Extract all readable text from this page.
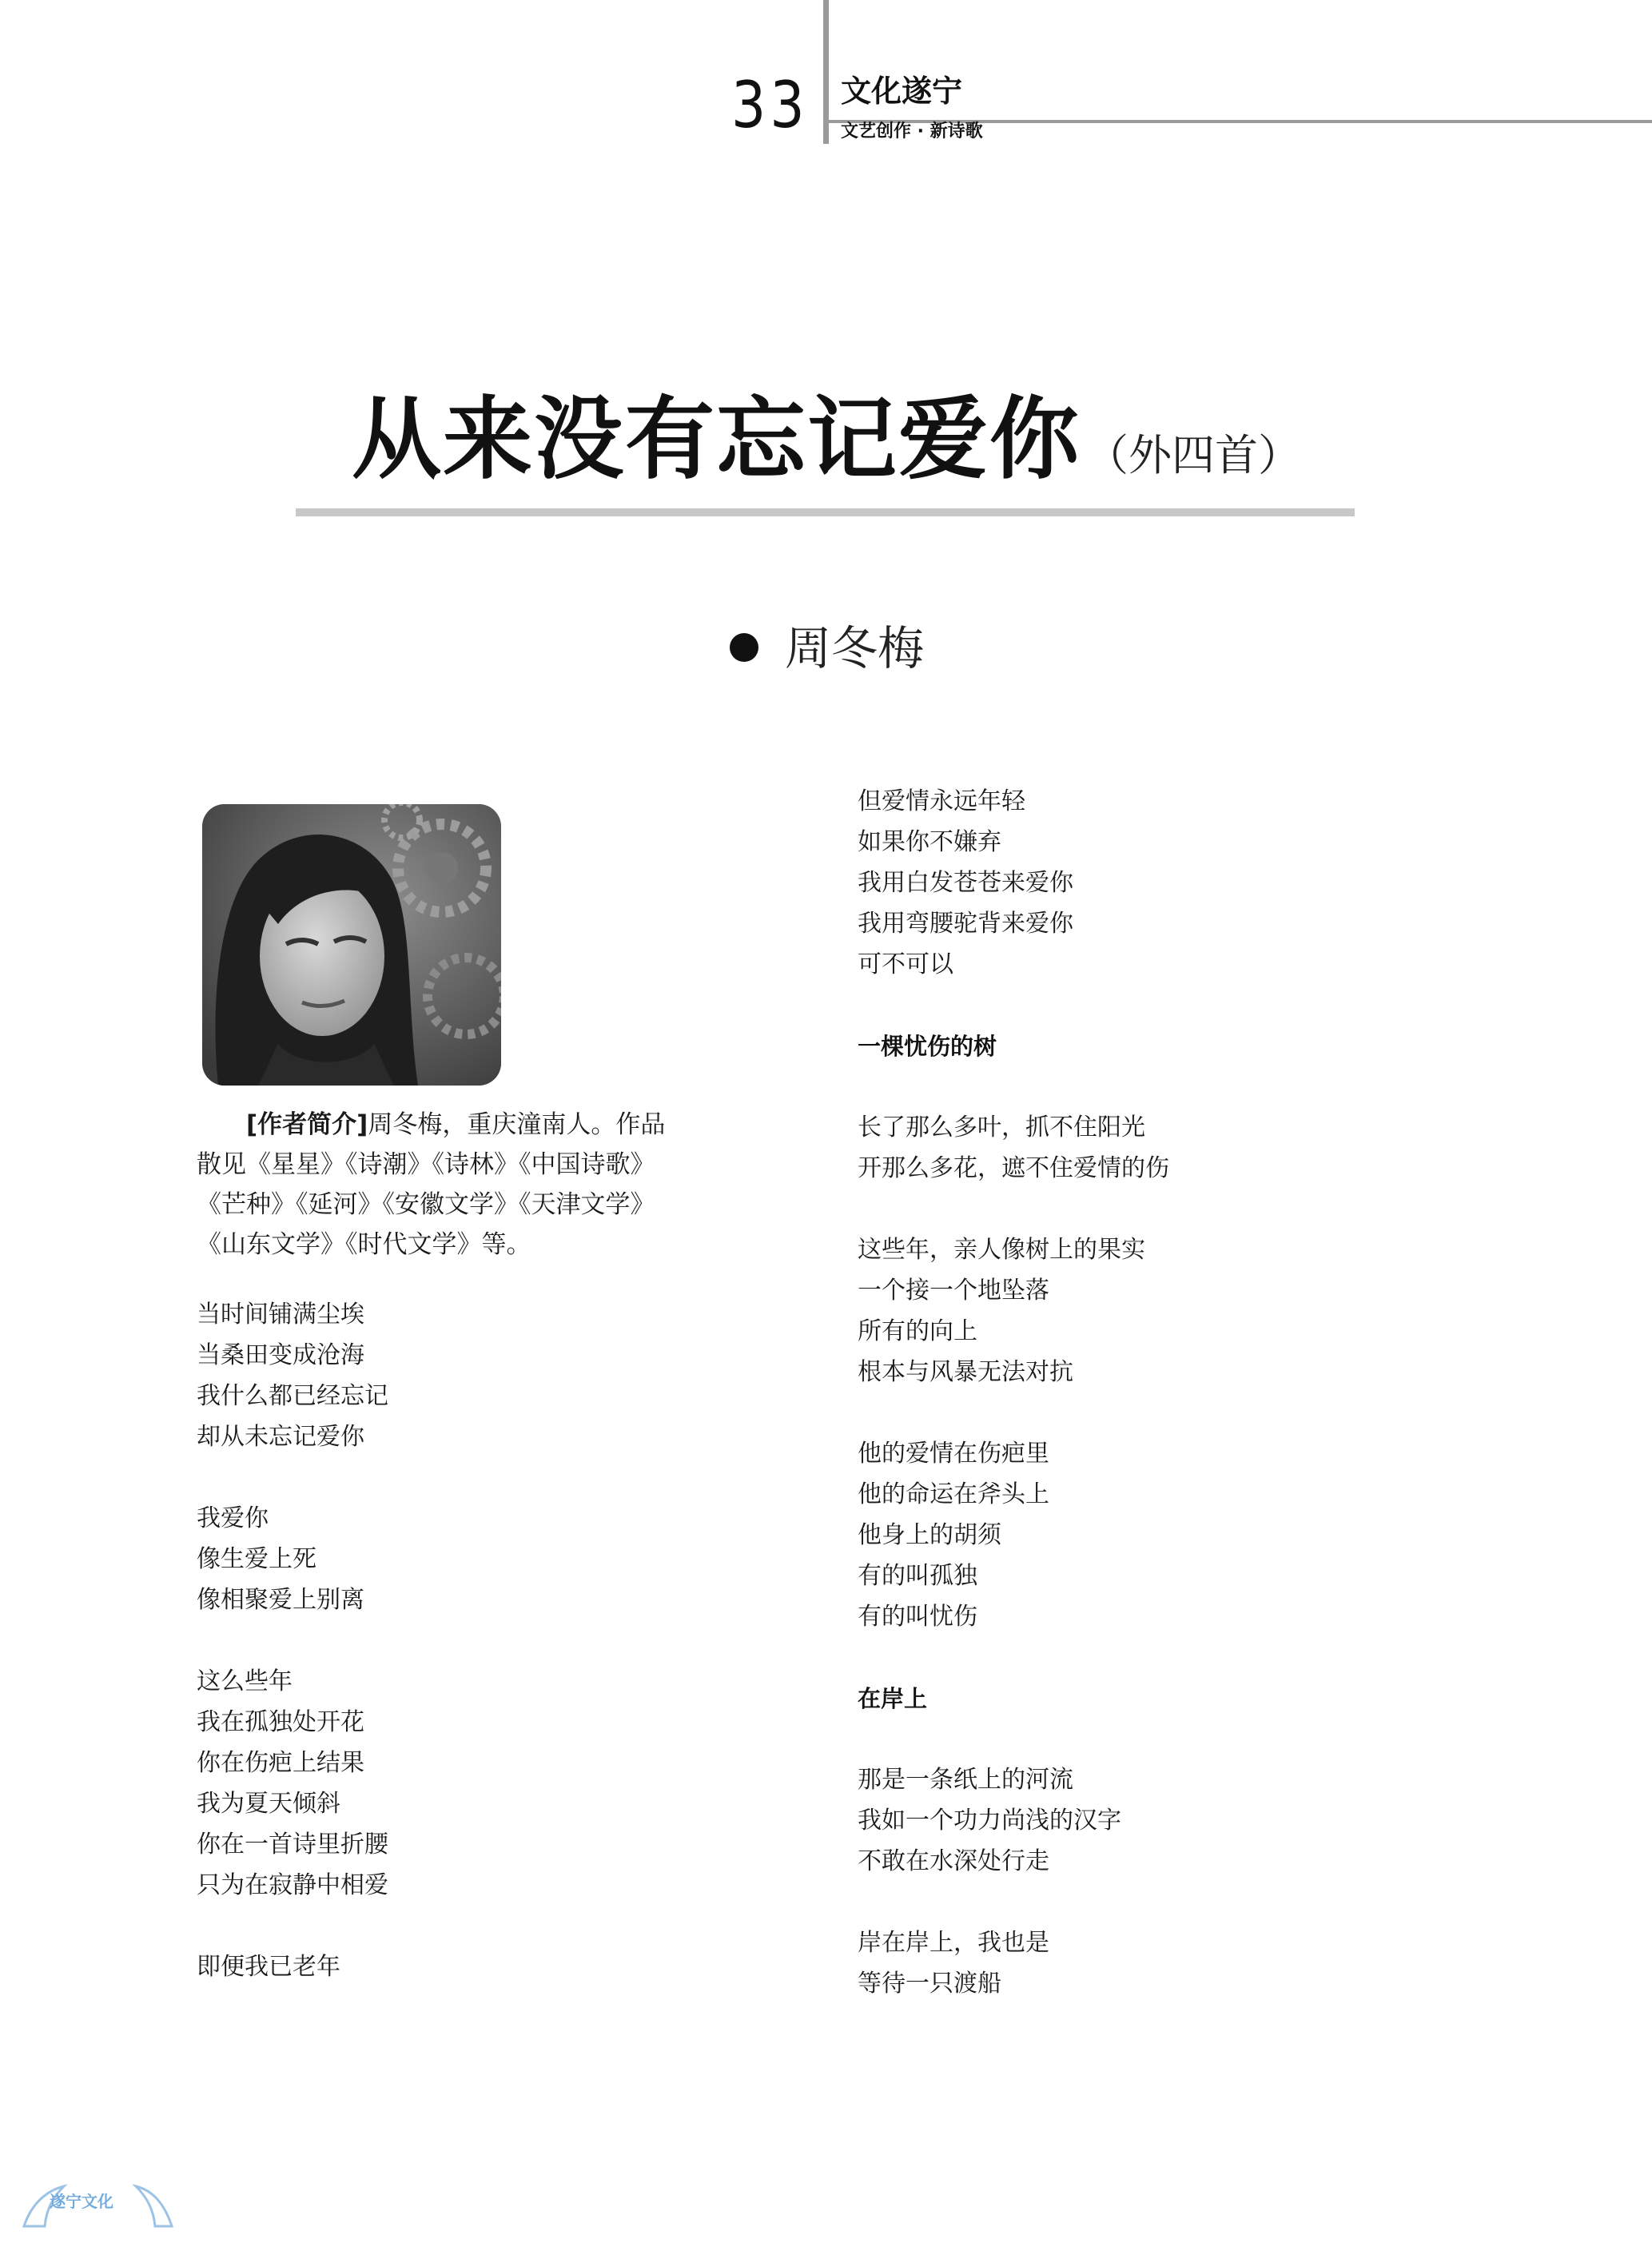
33 文化遂宁
文艺创作 · 新诗歌
从来没有忘记爱你 （外四首）
周冬梅
[作者简介]周冬梅，重庆潼南人。作品
散见《星星》《诗潮》《诗林》《中国诗歌》
《芒种》《延河》《安徽文学》《天津文学》
《山东文学》《时代文学》等。
当时间铺满尘埃
当桑田变成沧海
我什么都已经忘记
却从未忘记爱你
我爱你
像生爱上死
像相聚爱上别离
这么些年
我在孤独处开花
你在伤疤上结果
我为夏天倾斜
你在一首诗里折腰
只为在寂静中相爱
即便我已老年
但爱情永远年轻
如果你不嫌弃
我用白发苍苍来爱你
我用弯腰驼背来爱你
可不可以
一棵忧伤的树
长了那么多叶，抓不住阳光
开那么多花，遮不住爱情的伤
这些年，亲人像树上的果实
一个接一个地坠落
所有的向上
根本与风暴无法对抗
他的爱情在伤疤里
他的命运在斧头上
他身上的胡须
有的叫孤独
有的叫忧伤
在岸上
那是一条纸上的河流
我如一个功力尚浅的汉字
不敢在水深处行走
岸在岸上，我也是
等待一只渡船
遂宁文化
